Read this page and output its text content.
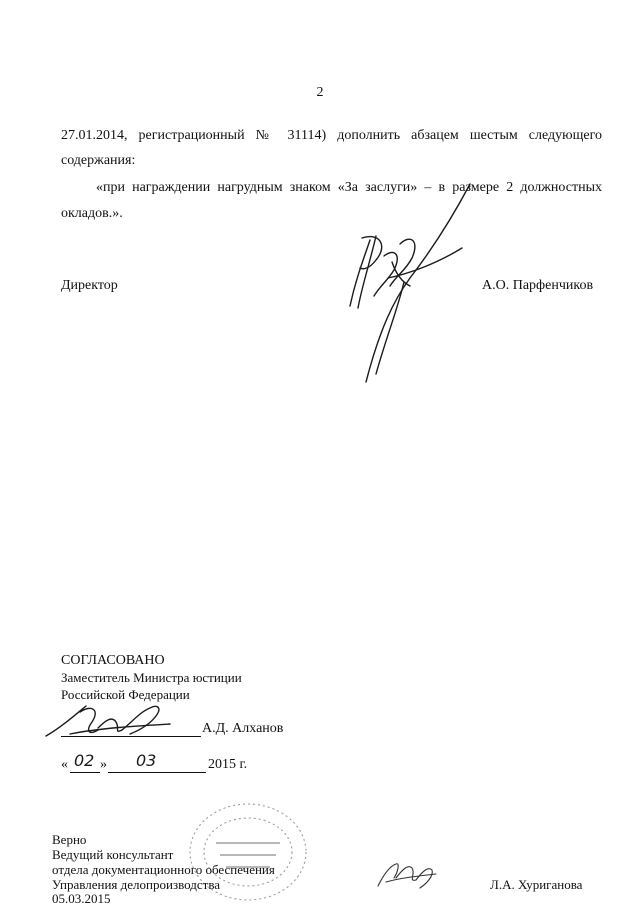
2
27.01.2014, регистрационный № 31114) дополнить абзацем шестым следующего
содержания:
«при награждении нагрудным знаком «За заслуги» – в размере 2 должностных
окладов.».
Директор	А.О. Парфенчиков
СОГЛАСОВАНО
Заместитель Министра юстиции
Российской Федерации
А.Д. Алханов
« 02 » 03	2015 г.
Верно
Ведущий консультант
отдела документационного обеспечения
Управления делопроизводства
05.03.2015
Л.А. Хуриганова
